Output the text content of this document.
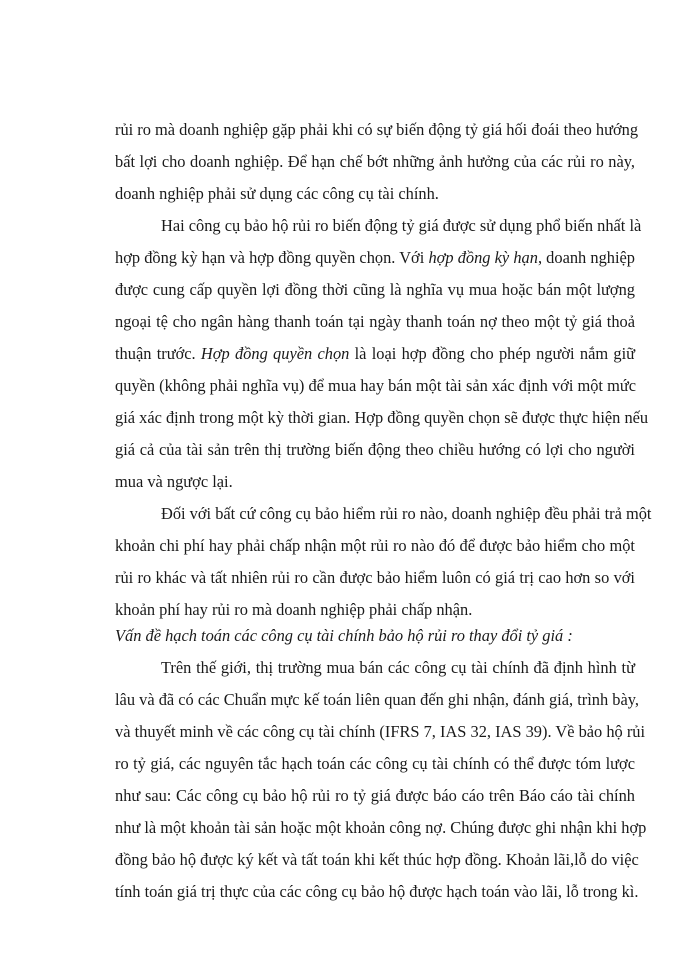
rủi ro mà doanh nghiệp gặp phải khi có sự biến động tỷ giá hối đoái theo hướng
bất lợi cho doanh nghiệp. Để hạn chế bớt những ảnh hưởng của các rủi ro này,
doanh nghiệp phải sử dụng các công cụ tài chính.
Hai công cụ bảo hộ rủi ro biến động tỷ giá được sử dụng phổ biến nhất là
hợp đồng kỳ hạn và hợp đồng quyền chọn. Với hợp đồng kỳ hạn, doanh nghiệp
được cung cấp quyền lợi đồng thời cũng là nghĩa vụ mua hoặc bán một lượng
ngoại tệ cho ngân hàng thanh toán tại ngày thanh toán nợ theo một tỷ giá thoả
thuận trước. Hợp đồng quyền chọn là loại hợp đồng cho phép người nắm giữ
quyền (không phải nghĩa vụ) để mua hay bán một tài sản xác định với một mức
giá xác định trong một kỳ thời gian. Hợp đồng quyền chọn sẽ được thực hiện nếu
giá cả của tài sản trên thị trường biến động theo chiều hướng có lợi cho người
mua và ngược lại.
Đối với bất cứ công cụ bảo hiểm rủi ro nào, doanh nghiệp đều phải trả một
khoản chi phí hay phải chấp nhận một rủi ro nào đó để được bảo hiểm cho một
rủi ro khác và tất nhiên rủi ro cần được bảo hiểm luôn có giá trị cao hơn so với
khoản phí hay rủi ro mà doanh nghiệp phải chấp nhận.
Vấn đề hạch toán các công cụ tài chính bảo hộ rủi ro thay đổi tỷ giá :
Trên thế giới, thị trường mua bán các công cụ tài chính đã định hình từ
lâu và đã có các Chuẩn mực kế toán liên quan đến ghi nhận, đánh giá, trình bày,
và thuyết minh về các công cụ tài chính (IFRS 7, IAS 32, IAS 39). Về bảo hộ rủi
ro tỷ giá, các nguyên tắc hạch toán các công cụ tài chính có thể được tóm lược
như sau: Các công cụ bảo hộ rủi ro tỷ giá được báo cáo trên Báo cáo tài chính
như là một khoản tài sản hoặc một khoản công nợ. Chúng được ghi nhận khi hợp
đồng bảo hộ được ký kết và tất toán khi kết thúc hợp đồng. Khoản lãi,lỗ do việc
tính toán giá trị thực của các công cụ bảo hộ được hạch toán vào lãi, lỗ trong kì.
